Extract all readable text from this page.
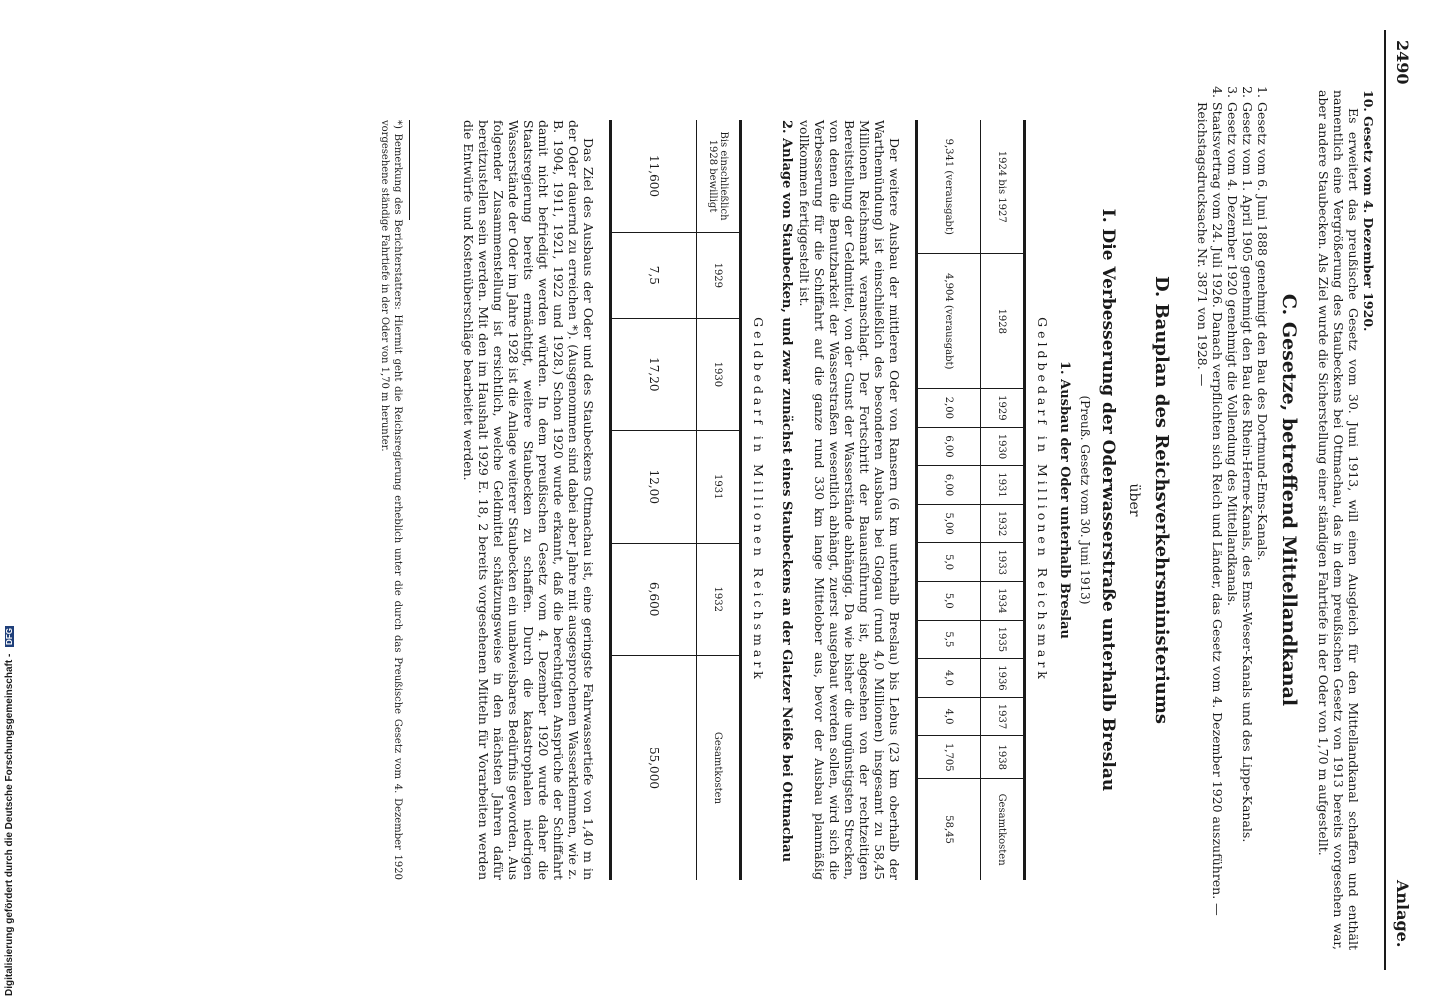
2490
Anlage.

10. Gesetz vom 4. Dezember 1920.

Es erweitert das preußische Gesetz vom 30. Juni 1913, will einen Ausgleich für den Mittellandkanal schaffen und enthält namentlich eine Vergrößerung des Staubeckens bei Ottmachau, das in dem preußischen Gesetz von 1913 bereits vorgesehen war, aber andere Staubecken. Als Ziel wurde die Sicherstellung einer ständigen Fahrtiefe in der Oder von 1,70 m aufgestellt.

C. Gesetze, betreffend Mittellandkanal
1. Gesetz vom 6. Juni 1888 genehmigt den Bau des Dortmund-Ems-Kanals.
2. Gesetz vom 1. April 1905 genehmigt den Bau des Rhein-Herne-Kanals, des Ems-Weser-Kanals und des Lippe-Kanals.
3. Gesetz vom 4. Dezember 1920 genehmigt die Vollendung des Mittellandkanals.
4. Staatsvertrag vom 24. Juli 1926. Danach verpflichten sich Reich und Länder, das Gesetz vom 4. Dezember 1920 auszuführen. — Reichstagsdrucksache Nr. 3871 von 1928. —
D. Bauplan des Reichsverkehrsministeriums
über
I. Die Verbesserung der Oderwasserstraße unterhalb Breslau
(Preuß. Gesetz vom 30. Juni 1913)
1. Ausbau der Oder unterhalb Breslau
Geldbedarf in Millionen Reichsmark
1924 bis 1927	1928	1929	1930	1931	1932	1933	1934	1935	1936	1937	1938	Gesamtkosten
9,341 (verausgabt)	4,904 (verausgabt)	2,00	6,00	6,00	5,00	5,0	5,0	5,5	4,0	4,0	1,705	58,45
Der weitere Ausbau der mittleren Oder von Ransern (6 km unterhalb Breslau) bis Lebus (23 km oberhalb der Warthemündung) ist einschließlich des besonderen Ausbaus bei Glogau (rund 4,0 Millionen) insgesamt zu 58,45 Millionen Reichsmark veranschlagt. Der Fortschritt der Bauausführung ist, abgesehen von der rechtzeitigen Bereitstellung der Geldmittel, von der Gunst der Wasserstände abhängig. Da wie bisher die ungünstigsten Strecken, von denen die Benutzbarkeit der Wasserstraßen wesentlich abhängt, zuerst ausgebaut werden sollen, wird sich die Verbesserung für die Schiffahrt auf die ganze rund 330 km lange Mittelober aus, bevor der Ausbau planmäßig vollkommen fertiggestellt ist.
2. Anlage von Staubecken, und zwar zunächst eines Staubeckens an der Glatzer Neiße bei Ottmachau
Geldbedarf in Millionen Reichsmark
Bis einschließlich 1928 bewilligt	1929	1930	1931	1932	Gesamtkosten
11,600	7,5	17,20	12,00	6,600	55,000
Das Ziel des Ausbaus der Oder und des Staubeckens Ottmachau ist, eine geringste Fahrwassertiefe von 1,40 m in der Oder dauernd zu erreichen *). (Ausgenommen sind dabei aber Jahre mit ausgesprochenen Wasserklemmen, wie z. B. 1904, 1911, 1921, 1922 und 1928.) Schon 1920 wurde erkannt, daß die berechtigten Ansprüche der Schiffahrt damit nicht befriedigt werden würden. In dem preußischen Gesetz vom 4. Dezember 1920 wurde daher die Staatsregierung bereits ermächtigt, weitere Staubecken zu schaffen. Durch die katastrophalen niedrigen Wasserstände der Oder im Jahre 1928 ist die Anlage weiterer Staubecken ein unabweisbares Bedürfnis geworden. Aus folgender Zusammenstellung ist ersichtlich, welche Geldmittel schätzungsweise in den nächsten Jahren dafür bereitzustellen sein werden. Mit den im Haushalt 1929 E. 18, 2 bereits vorgesehenen Mitteln für Vorarbeiten werden die Entwürfe und Kostenüberschläge bearbeitet werden.
*) Bemerkung des Berichterstatters: Hiermit geht die Reichsregierung erheblich unter die durch das Preußische Gesetz vom 4. Dezember 1920 vorgesehene ständige Fahrtiefe in der Oder von 1,70 m herunter.
Digitalisierung gefördert durch die Deutsche Forschungsgemeinschaft - DFG
